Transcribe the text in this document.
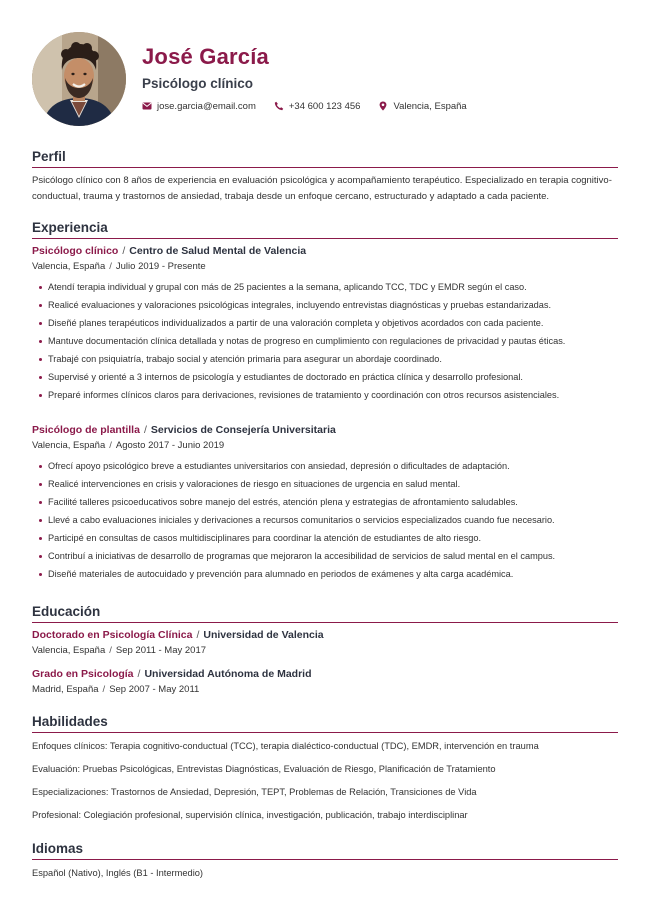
José García
Psicólogo clínico
jose.garcia@email.com	+34 600 123 456	Valencia, España
Perfil
Psicólogo clínico con 8 años de experiencia en evaluación psicológica y acompañamiento terapéutico. Especializado en terapia cognitivo-conductual, trauma y trastornos de ansiedad, trabaja desde un enfoque cercano, estructurado y adaptado a cada paciente.
Experiencia
Psicólogo clínico / Centro de Salud Mental de Valencia
Valencia, España / Julio 2019 - Presente
Atendí terapia individual y grupal con más de 25 pacientes a la semana, aplicando TCC, TDC y EMDR según el caso.
Realicé evaluaciones y valoraciones psicológicas integrales, incluyendo entrevistas diagnósticas y pruebas estandarizadas.
Diseñé planes terapéuticos individualizados a partir de una valoración completa y objetivos acordados con cada paciente.
Mantuve documentación clínica detallada y notas de progreso en cumplimiento con regulaciones de privacidad y pautas éticas.
Trabajé con psiquiatría, trabajo social y atención primaria para asegurar un abordaje coordinado.
Supervisé y orienté a 3 internos de psicología y estudiantes de doctorado en práctica clínica y desarrollo profesional.
Preparé informes clínicos claros para derivaciones, revisiones de tratamiento y coordinación con otros recursos asistenciales.
Psicólogo de plantilla / Servicios de Consejería Universitaria
Valencia, España / Agosto 2017 - Junio 2019
Ofrecí apoyo psicológico breve a estudiantes universitarios con ansiedad, depresión o dificultades de adaptación.
Realicé intervenciones en crisis y valoraciones de riesgo en situaciones de urgencia en salud mental.
Facilité talleres psicoeducativos sobre manejo del estrés, atención plena y estrategias de afrontamiento saludables.
Llevé a cabo evaluaciones iniciales y derivaciones a recursos comunitarios o servicios especializados cuando fue necesario.
Participé en consultas de casos multidisciplinares para coordinar la atención de estudiantes de alto riesgo.
Contribuí a iniciativas de desarrollo de programas que mejoraron la accesibilidad de servicios de salud mental en el campus.
Diseñé materiales de autocuidado y prevención para alumnado en periodos de exámenes y alta carga académica.
Educación
Doctorado en Psicología Clínica / Universidad de Valencia
Valencia, España / Sep 2011 - May 2017
Grado en Psicología / Universidad Autónoma de Madrid
Madrid, España / Sep 2007 - May 2011
Habilidades
Enfoques clínicos: Terapia cognitivo-conductual (TCC), terapia dialéctico-conductual (TDC), EMDR, intervención en trauma
Evaluación: Pruebas Psicológicas, Entrevistas Diagnósticas, Evaluación de Riesgo, Planificación de Tratamiento
Especializaciones: Trastornos de Ansiedad, Depresión, TEPT, Problemas de Relación, Transiciones de Vida
Profesional: Colegiación profesional, supervisión clínica, investigación, publicación, trabajo interdisciplinar
Idiomas
Español (Nativo), Inglés (B1 - Intermedio)
